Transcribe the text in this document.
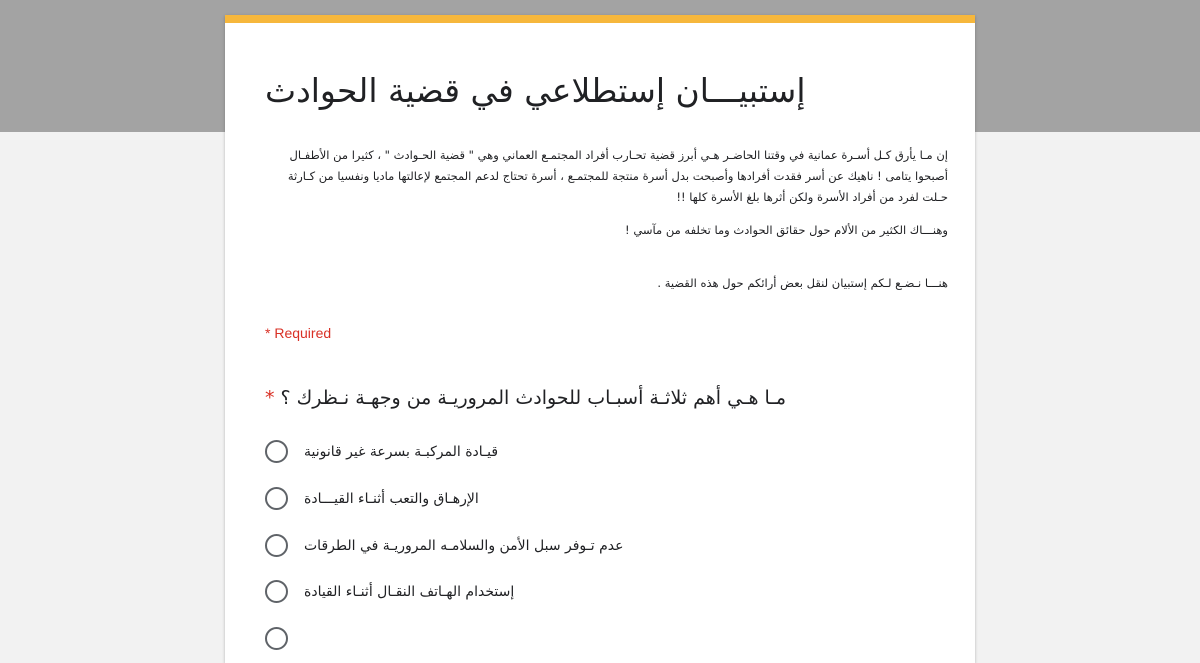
إستبيـــان إستطلاعي في قضية الحوادث

إن مـا يأرق كـل أسـرة عمانية في وقتنا الحاضـر هـي أبرز قضية تحـارب أفراد المجتمـع العماني وهي " قضية الحـوادث " ، كثيرا من الأطفـال أصبحوا يتامى ! ناهيك عن أسر فقدت أفرادها وأصبحت بدل أسرة منتجة للمجتمـع ، أسرة تحتاج لدعم المجتمع لإعالتها ماديا ونفسيا من كـارثة حـلت لفرد من أفراد الأسرة ولكن أثرها بلغ الأسرة كلها !!

وهنـــاك الكثير من الألام حول حقائق الحوادث وما تخلفه من مآسي !

هنـــا نـضـع لـكم إستبيان لنقل بعض أرائكم حول هذه القضية .

* Required
* مـا هـي أهم ثلاثـة أسبـاب للحوادث المروريـة من وجهـة نـظرك ؟
قيـادة المركبـة بسرعة غير قانونية
الإرهـاق والتعب أثنـاء القيـــادة
عدم تـوفر سبل الأمن والسلامـه المروريـة في الطرقات
إستخدام الهـاتف النقـال أثنـاء القيادة
